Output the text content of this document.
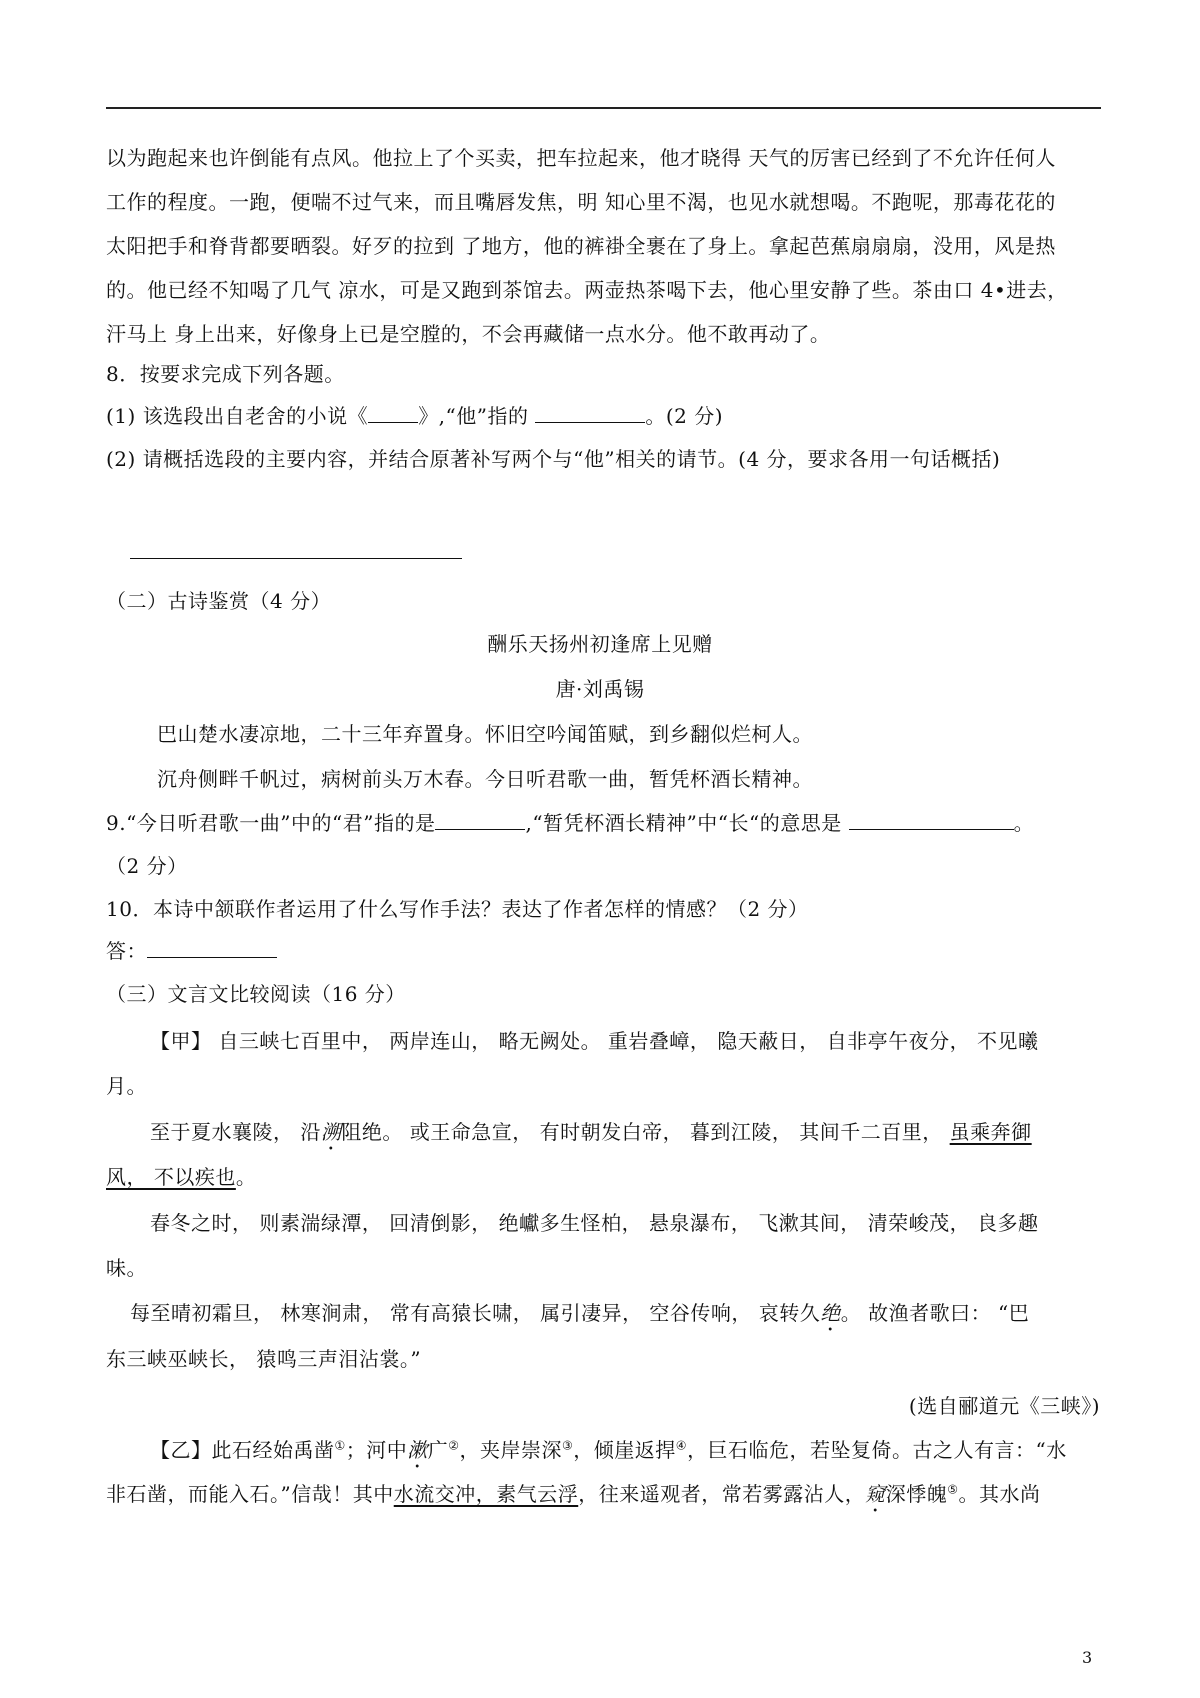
以为跑起来也许倒能有点风。他拉上了个买卖，把车拉起来，他才晓得 天气的厉害已经到了不允许任何人
工作的程度。一跑，便喘不过气来，而且嘴唇发焦，明 知心里不渴，也见水就想喝。不跑呢，那毒花花的
太阳把手和脊背都要晒裂。好歹的拉到 了地方，他的裤褂全裹在了身上。拿起芭蕉扇扇扇，没用，风是热
的。他已经不知喝了几气 凉水，可是又跑到茶馆去。两壶热茶喝下去，他心里安静了些。茶由口 4•进去，
汗马上 身上出来，好像身上已是空膛的，不会再藏储一点水分。他不敢再动了。
8．按要求完成下列各题。
(1) 该选段出自老舍的小说《	》,“他”指的	。(2 分)
(2) 请概括选段的主要内容，并结合原著补写两个与“他”相关的请节。(4 分，要求各用一句话概括)
（二）古诗鉴赏（4 分）
酬乐天扬州初逢席上见赠
唐·刘禹锡
巴山楚水凄凉地，二十三年弃置身。怀旧空吟闻笛赋，到乡翻似烂柯人。
沉舟侧畔千帆过，病树前头万木春。今日听君歌一曲，暂凭杯酒长精神。
9.“今日听君歌一曲”中的“君”指的是	,“暂凭杯酒长精神”中“长“的意思是	。
（2 分）
10．本诗中颔联作者运用了什么写作手法？表达了作者怎样的情感？（2 分）
答：
（三）文言文比较阅读（16 分）
【甲】 自三峡七百里中， 两岸连山， 略无阙处。 重岩叠嶂， 隐天蔽日， 自非亭午夜分， 不见曦
月。
至于夏水襄陵， 沿溯阻绝。 或王命急宣， 有时朝发白帝， 暮到江陵， 其间千二百里， 虽乘奔御
风， 不以疾也。
春冬之时， 则素湍绿潭， 回清倒影， 绝巘多生怪柏， 悬泉瀑布， 飞漱其间， 清荣峻茂， 良多趣
味。
每至晴初霜旦， 林寒涧肃， 常有高猿长啸， 属引凄异， 空谷传响， 哀转久绝。 故渔者歌曰： “巴
东三峡巫峡长， 猿鸣三声泪沾裳。”
(选自郦道元《三峡》)
【乙】此石经始禹凿①；河中漱广②，夹岸崇深③，倾崖返捍④，巨石临危，若坠复倚。古之人有言：“水
非石凿，而能入石。”信哉！其中水流交冲，素气云浮，往来遥观者，常若雾露沾人，窥深悸魄⑤。其水尚
3
